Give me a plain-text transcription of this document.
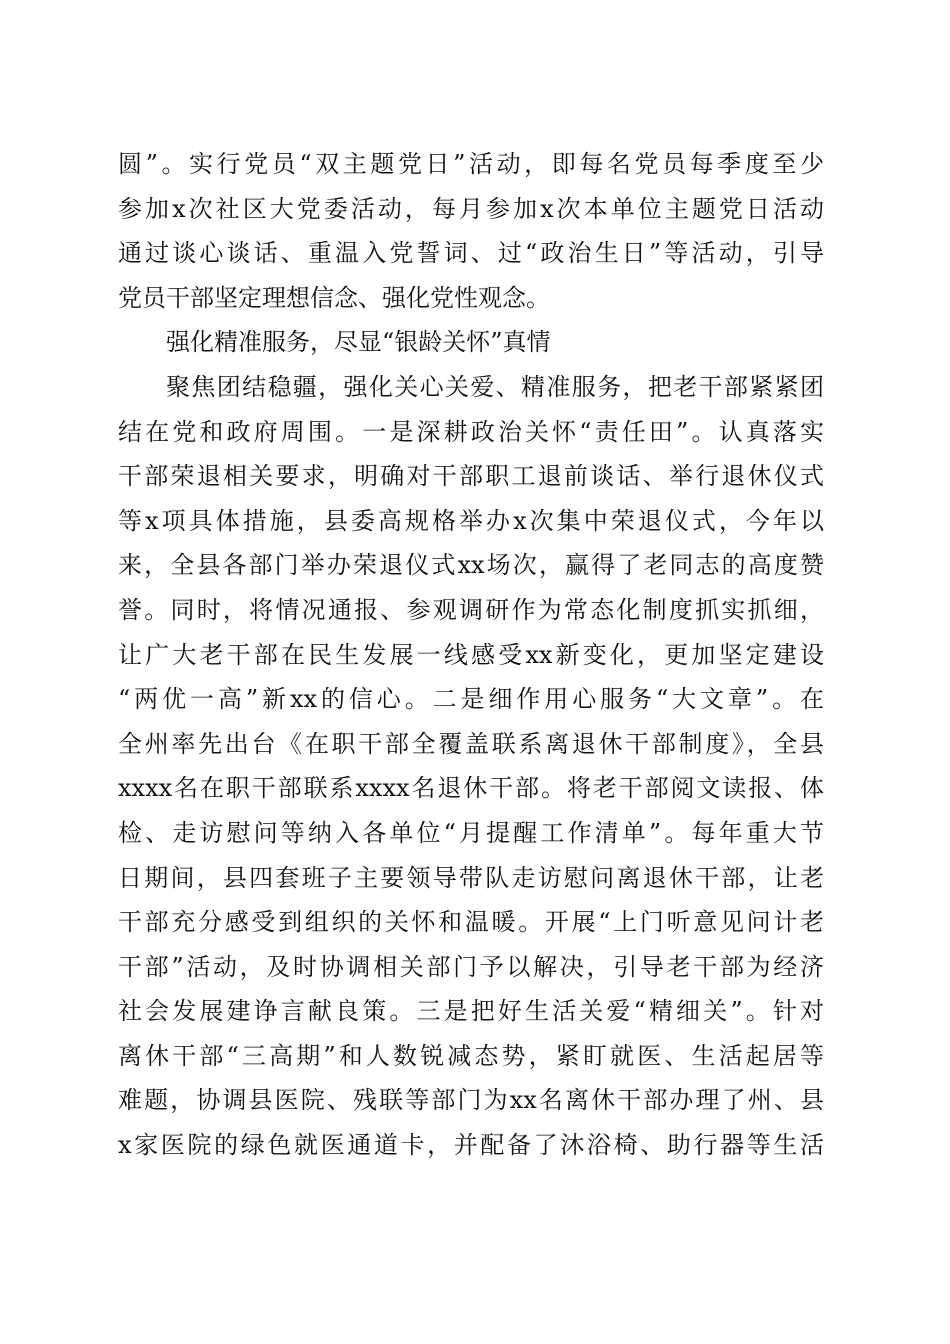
圆”。实行党员“双主题党日”活动，即每名党员每季度至少
参加x次社区大党委活动，每月参加x次本单位主题党日活动
通过谈心谈话、重温入党誓词、过“政治生日”等活动，引导
党员干部坚定理想信念、强化党性观念。
强化精准服务，尽显“银龄关怀”真情
聚焦团结稳疆，强化关心关爱、精准服务，把老干部紧紧团
结在党和政府周围。一是深耕政治关怀“责任田”。认真落实
干部荣退相关要求，明确对干部职工退前谈话、举行退休仪式
等x项具体措施，县委高规格举办x次集中荣退仪式，今年以
来，全县各部门举办荣退仪式xx场次，赢得了老同志的高度赞
誉。同时，将情况通报、参观调研作为常态化制度抓实抓细，
让广大老干部在民生发展一线感受xx新变化，更加坚定建设
“两优一高”新xx的信心。二是细作用心服务“大文章”。在
全州率先出台《在职干部全覆盖联系离退休干部制度》，全县
xxxx名在职干部联系xxxx名退休干部。将老干部阅文读报、体
检、走访慰问等纳入各单位“月提醒工作清单”。每年重大节
日期间，县四套班子主要领导带队走访慰问离退休干部，让老
干部充分感受到组织的关怀和温暖。开展“上门听意见问计老
干部”活动，及时协调相关部门予以解决，引导老干部为经济
社会发展建诤言献良策。三是把好生活关爱“精细关”。针对
离休干部“三高期”和人数锐减态势，紧盯就医、生活起居等
难题，协调县医院、残联等部门为xx名离休干部办理了州、县
x家医院的绿色就医通道卡，并配备了沐浴椅、助行器等生活
